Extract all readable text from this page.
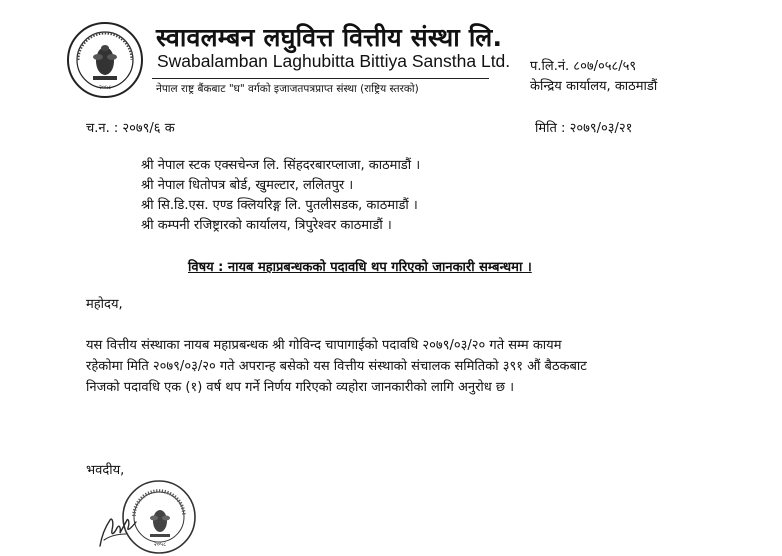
२०५८
स्वावलम्बन लघुवित्त वित्तीय संस्था लि.
Swabalamban Laghubitta Bittiya Sanstha Ltd.
नेपाल राष्ट्र बैंकबाट "घ" वर्गको इजाजतपत्रप्राप्त संस्था (राष्ट्रिय स्तरको)
प.लि.नं. ८०७/०५८/५९
केन्द्रिय कार्यालय, काठमाडौं
च.न. : २०७९/६ क	मिति : २०७९/०३/२१
श्री नेपाल स्टक एक्सचेन्ज लि. सिंहदरबारप्लाजा, काठमाडौं ।
श्री नेपाल धितोपत्र बोर्ड, खुमल्टार, ललितपुर ।
श्री सि.डि.एस. एण्ड क्लियरिङ्ग लि. पुतलीसडक, काठमाडौं ।
श्री कम्पनी रजिष्ट्रारको कार्यालय, त्रिपुरेश्वर काठमाडौं ।
विषय : नायब महाप्रबन्धकको पदावधि थप गरिएको जानकारी सम्बन्धमा ।
महोदय,
यस वित्तीय संस्थाका नायब महाप्रबन्धक श्री गोविन्द चापागाईको पदावधि २०७९/०३/२० गते सम्म कायम
रहेकोमा मिति २०७९/०३/२० गते अपरान्ह बसेको यस वित्तीय संस्थाको संचालक समितिको ३९१ औं बैठकबाट
निजको पदावधि एक (१) वर्ष थप गर्ने निर्णय गरिएको व्यहोरा जानकारीको लागि अनुरोध छ ।
भवदीय,
२०५८
